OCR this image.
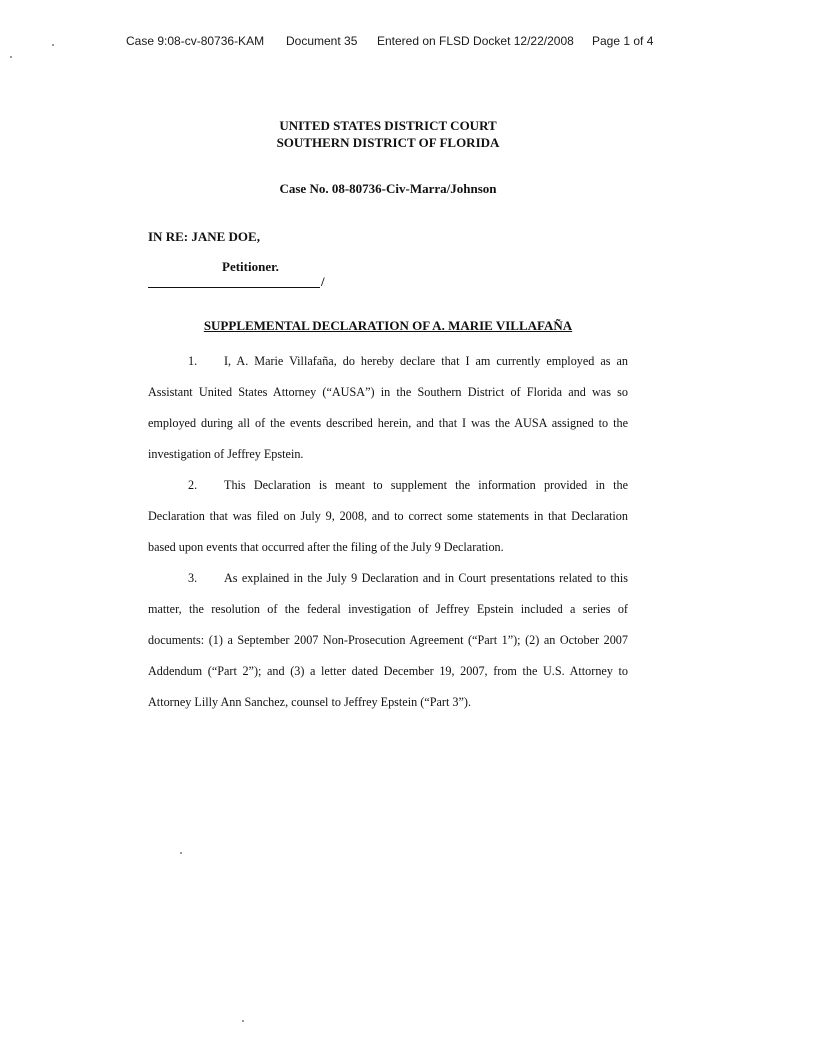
Case 9:08-cv-80736-KAM Document 35 Entered on FLSD Docket 12/22/2008 Page 1 of 4
UNITED STATES DISTRICT COURT
SOUTHERN DISTRICT OF FLORIDA
Case No. 08-80736-Civ-Marra/Johnson
IN RE: JANE DOE,
Petitioner.
/
SUPPLEMENTAL DECLARATION OF A. MARIE VILLAFAÑA

1. I, A. Marie Villafaña, do hereby declare that I am currently employed as an Assistant United States Attorney (“AUSA”) in the Southern District of Florida and was so employed during all of the events described herein, and that I was the AUSA assigned to the investigation of Jeffrey Epstein.

2. This Declaration is meant to supplement the information provided in the Declaration that was filed on July 9, 2008, and to correct some statements in that Declaration based upon events that occurred after the filing of the July 9 Declaration.

3. As explained in the July 9 Declaration and in Court presentations related to this matter, the resolution of the federal investigation of Jeffrey Epstein included a series of documents: (1) a September 2007 Non-Prosecution Agreement (“Part 1”); (2) an October 2007 Addendum (“Part 2”); and (3) a letter dated December 19, 2007, from the U.S. Attorney to Attorney Lilly Ann Sanchez, counsel to Jeffrey Epstein (“Part 3”).
